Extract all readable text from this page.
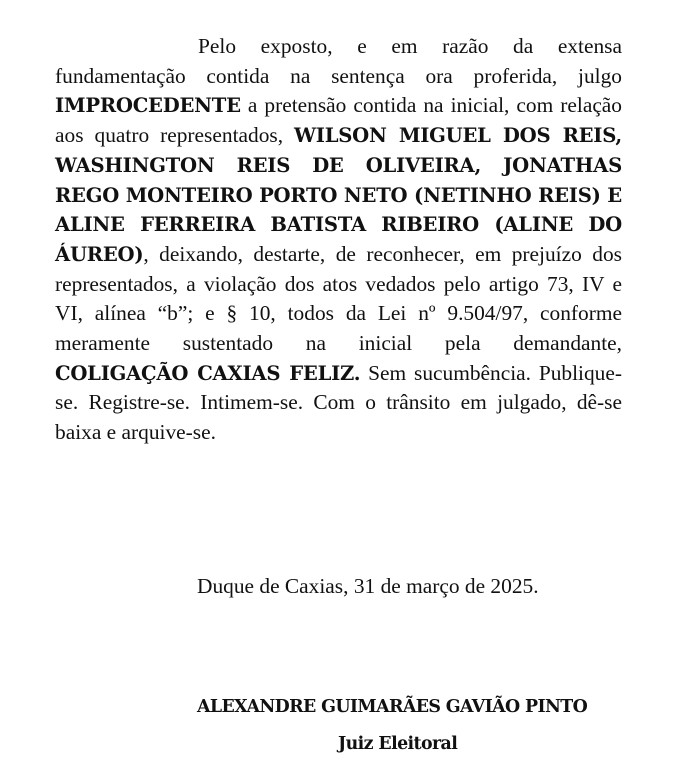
Pelo exposto, e em razão da extensa fundamentação contida na sentença ora proferida, julgo IMPROCEDENTE a pretensão contida na inicial, com relação aos quatro representados, WILSON MIGUEL DOS REIS, WASHINGTON REIS DE OLIVEIRA, JONATHAS REGO MONTEIRO PORTO NETO (NETINHO REIS) E ALINE FERREIRA BATISTA RIBEIRO (ALINE DO ÁUREO), deixando, destarte, de reconhecer, em prejuízo dos representados, a violação dos atos vedados pelo artigo 73, IV e VI, alínea “b”; e § 10, todos da Lei nº 9.504/97, conforme meramente sustentado na inicial pela demandante, COLIGAÇÃO CAXIAS FELIZ. Sem sucumbência. Publique-se. Registre-se. Intimem-se. Com o trânsito em julgado, dê-se baixa e arquive-se.

Duque de Caxias, 31 de março de 2025.
ALEXANDRE GUIMARÃES GAVIÃO PINTO
Juiz Eleitoral
